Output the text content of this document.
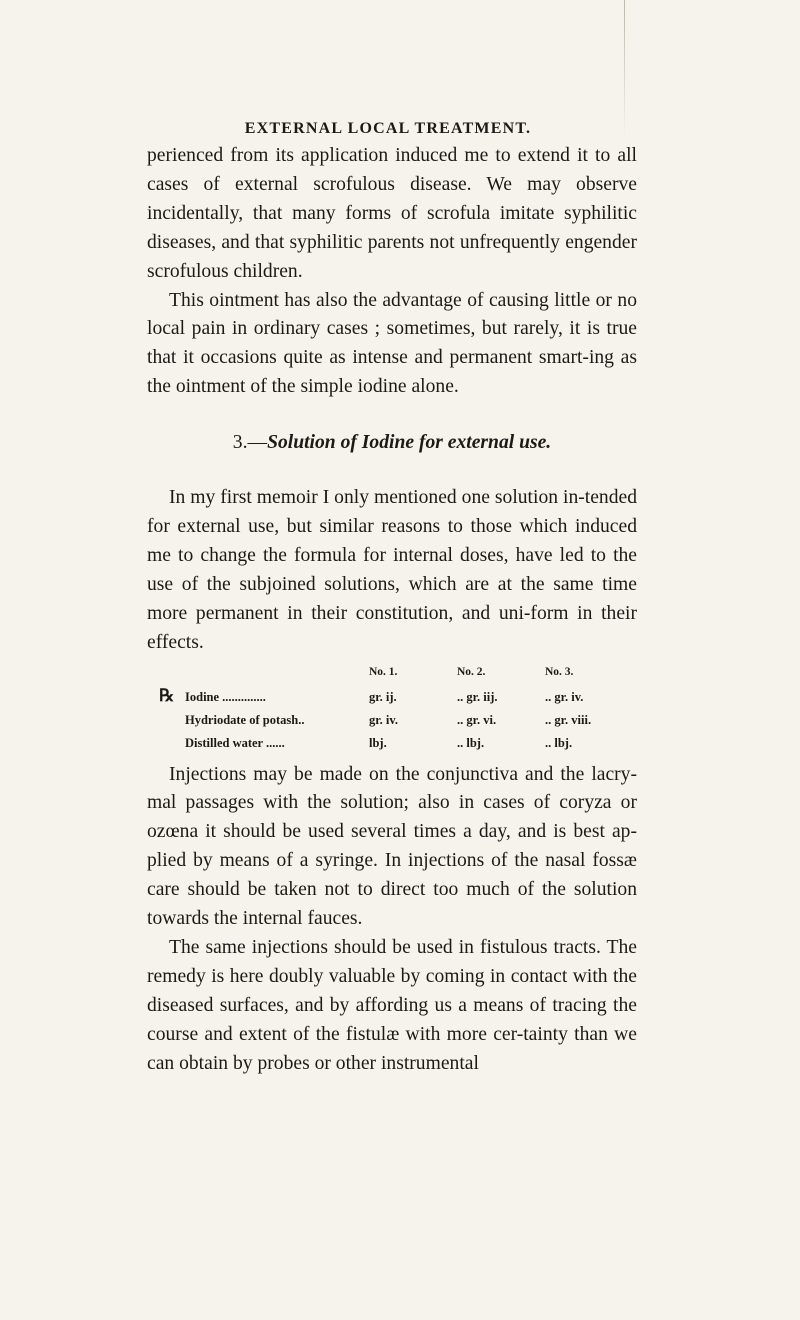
EXTERNAL LOCAL TREATMENT.

perienced from its application induced me to extend it to all cases of external scrofulous disease. We may observe incidentally, that many forms of scrofula imitate syphilitic diseases, and that syphilitic parents not unfrequently engender scrofulous children.

This ointment has also the advantage of causing little or no local pain in ordinary cases ; sometimes, but rarely, it is true that it occasions quite as intense and permanent smart-ing as the ointment of the simple iodine alone.

3.—Solution of Iodine for external use.

In my first memoir I only mentioned one solution in-tended for external use, but similar reasons to those which induced me to change the formula for internal doses, have led to the use of the subjoined solutions, which are at the same time more permanent in their constitution, and uni-form in their effects.

No. 1.	No. 2.	No. 3.
℞ Iodine ..............	gr. ij.	.. gr. iij.	.. gr. iv.
Hydriodate of potash..	gr. iv.	.. gr. vi.	.. gr. viii.
Distilled water ......	lbj.	.. lbj.	.. lbj.

Injections may be made on the conjunctiva and the lacry-mal passages with the solution; also in cases of coryza or ozœna it should be used several times a day, and is best ap-plied by means of a syringe. In injections of the nasal fossæ care should be taken not to direct too much of the solution towards the internal fauces.

The same injections should be used in fistulous tracts. The remedy is here doubly valuable by coming in contact with the diseased surfaces, and by affording us a means of tracing the course and extent of the fistulæ with more cer-tainty than we can obtain by probes or other instrumental
